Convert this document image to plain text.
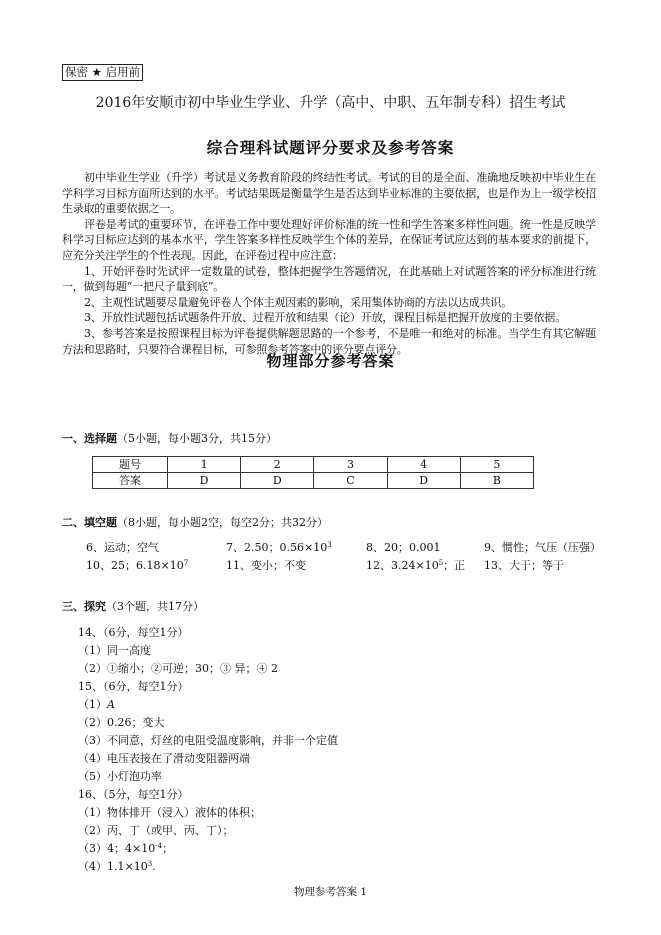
保密 ★ 启用前
2016年安顺市初中毕业生学业、升学（高中、中职、五年制专科）招生考试
综合理科试题评分要求及参考答案

初中毕业生学业（升学）考试是义务教育阶段的终结性考试。考试的目的是全面、准确地反映初中毕业生在学科学习目标方面所达到的水平。考试结果既是衡量学生是否达到毕业标准的主要依据，也是作为上一级学校招生录取的重要依据之一。

评卷是考试的重要环节，在评卷工作中要处理好评价标准的统一性和学生答案多样性问题。统一性是反映学科学习目标应达到的基本水平，学生答案多样性反映学生个体的差异，在保证考试应达到的基本要求的前提下，应充分关注学生的个性表现。因此，在评卷过程中应注意：

1、开始评卷时先试评一定数量的试卷，整体把握学生答题情况，在此基础上对试题答案的评分标准进行统一，做到每题“一把尺子量到底”。

2、主观性试题要尽量避免评卷人个体主观因素的影响，采用集体协商的方法以达成共识。

3、开放性试题包括试题条件开放、过程开放和结果（论）开放，课程目标是把握开放度的主要依据。

3、参考答案是按照课程目标为评卷提供解题思路的一个参考，不是唯一和绝对的标准。当学生有其它解题方法和思路时，只要符合课程目标，可参照参考答案中的评分要点评分。

物理部分参考答案
一、选择题（5小题，每小题3分，共15分）
题号	1	2	3	4	5
答案	D	D	C	D	B
二、填空题（8小题，每小题2空，每空2分；共32分）
6、运动；空气	7、2.50；$0.56\times 10^3$	8、20；0.001	9、惯性；气压（压强）
10、25；$6.18\times 10^7$	11、变小；不变	12、$3.24\times 10^5$；正	13、大于；等于
三、探究（3个题，共17分）
14、（6分，每空1分）
（1）同一高度
（2）①缩小；②可逆；30；③ 异；④ 2
15、（6分，每空1分）
（1）A
（2）0.26；变大
（3）不同意，灯丝的电阻受温度影响，并非一个定值
（4）电压表接在了滑动变阻器两端
（5）小灯泡功率
16、（5分，每空1分）
（1）物体排开（浸入）液体的体积；
（2）丙、丁（或甲、丙、丁）；
（3）4；$4\times 10^{-4}$；
$(4)1.1\times 10^3$.
物理参考答案 1
